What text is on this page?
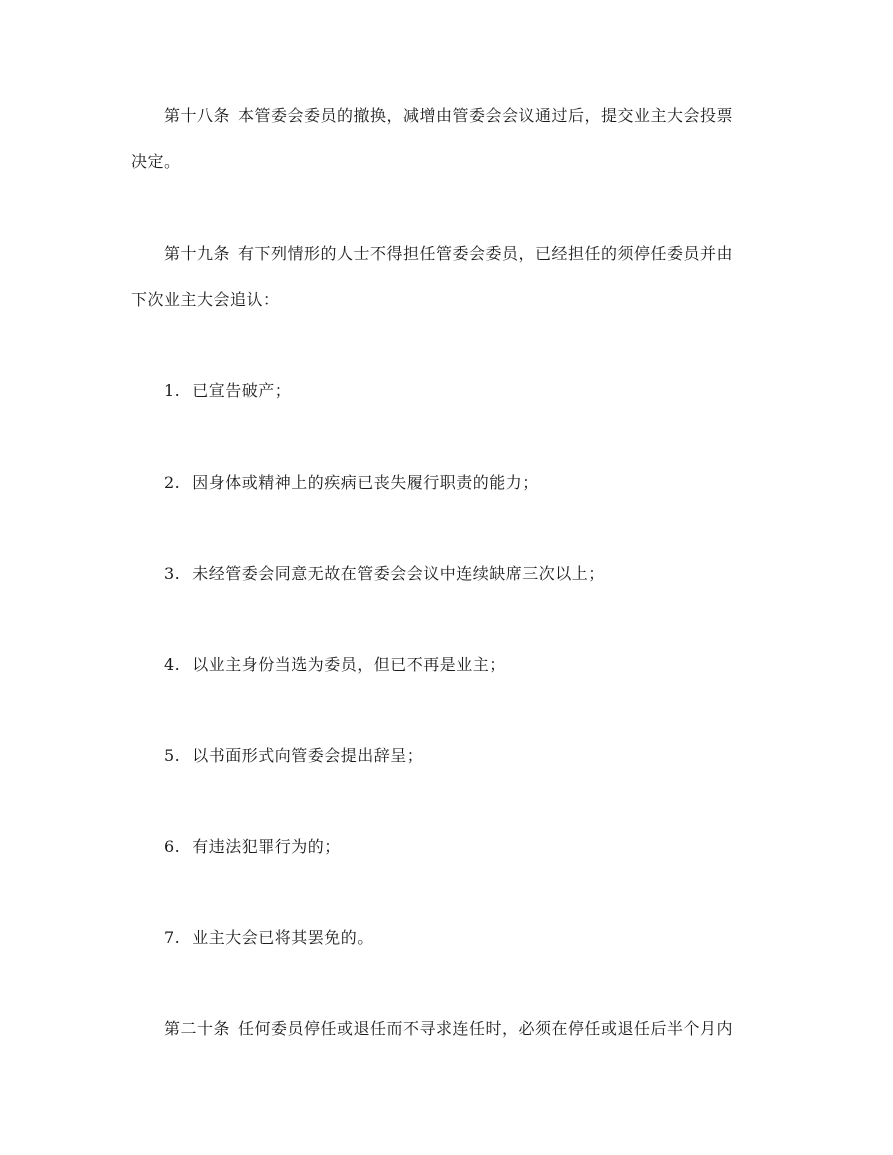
第十八条 本管委会委员的撤换，减增由管委会会议通过后，提交业主大会投票
决定。
第十九条 有下列情形的人士不得担任管委会委员，已经担任的须停任委员并由
下次业主大会追认：
1. 已宣告破产；
2. 因身体或精神上的疾病已丧失履行职责的能力；
3. 未经管委会同意无故在管委会会议中连续缺席三次以上；
4. 以业主身份当选为委员，但已不再是业主；
5. 以书面形式向管委会提出辞呈；
6. 有违法犯罪行为的；
7. 业主大会已将其罢免的。
第二十条 任何委员停任或退任而不寻求连任时，必须在停任或退任后半个月内
